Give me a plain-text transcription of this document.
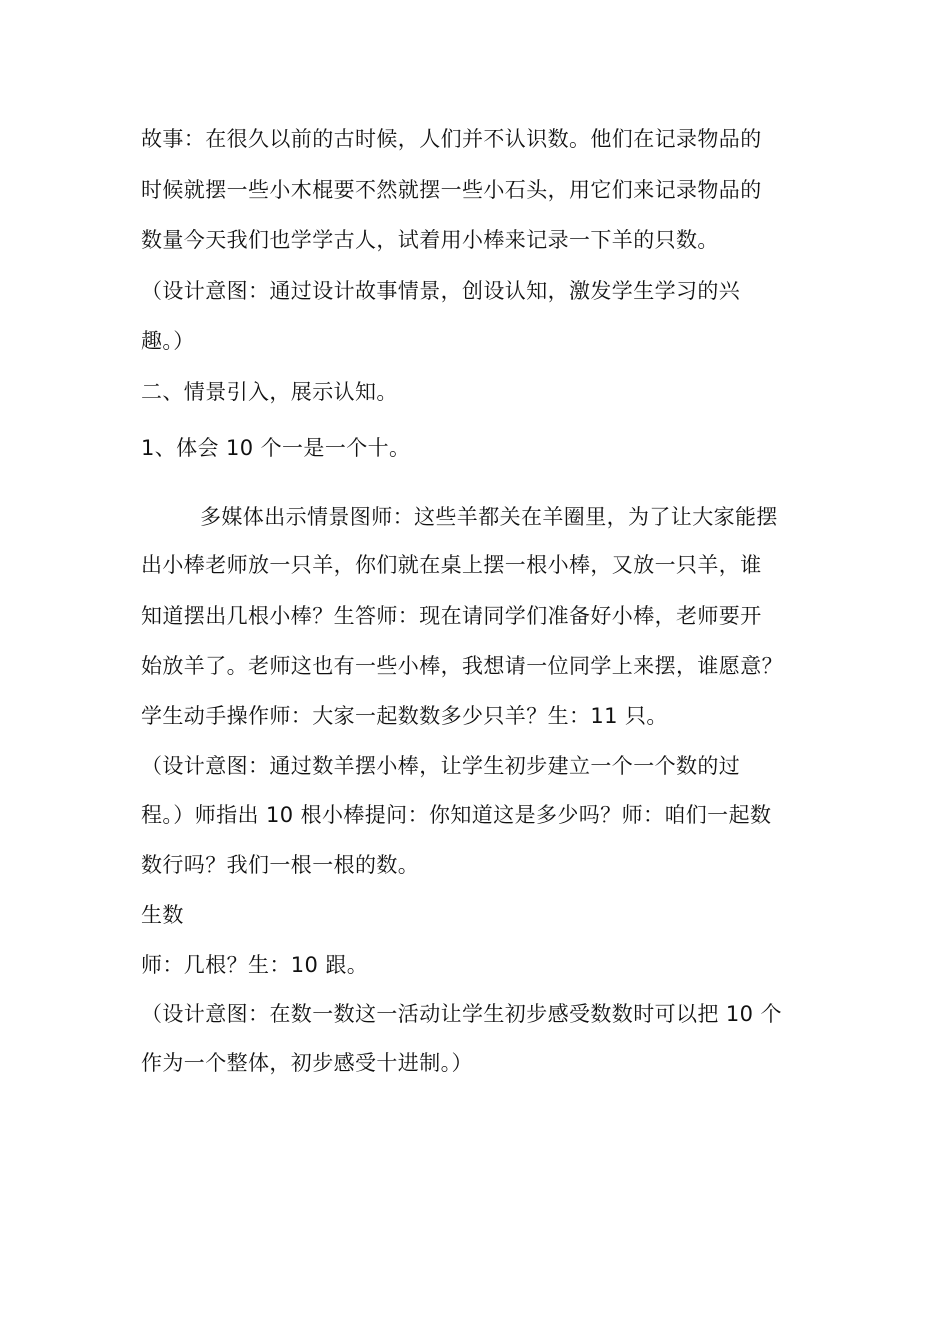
故事：在很久以前的古时候，人们并不认识数。他们在记录物品的
时候就摆一些小木棍要不然就摆一些小石头，用它们来记录物品的
数量今天我们也学学古人，试着用小棒来记录一下羊的只数。
（设计意图：通过设计故事情景，创设认知，激发学生学习的兴
趣。）
二、情景引入，展示认知。
1、体会 10 个一是一个十。
多媒体出示情景图师：这些羊都关在羊圈里，为了让大家能摆
出小棒老师放一只羊，你们就在桌上摆一根小棒，又放一只羊，谁
知道摆出几根小棒？生答师：现在请同学们准备好小棒，老师要开
始放羊了。老师这也有一些小棒，我想请一位同学上来摆，谁愿意？
学生动手操作师：大家一起数数多少只羊？生：11 只。
（设计意图：通过数羊摆小棒，让学生初步建立一个一个数的过
程。）师指出 10 根小棒提问：你知道这是多少吗？师：咱们一起数
数行吗？我们一根一根的数。
生数
师：几根？生：10 跟。
（设计意图：在数一数这一活动让学生初步感受数数时可以把 10 个
作为一个整体，初步感受十进制。）
